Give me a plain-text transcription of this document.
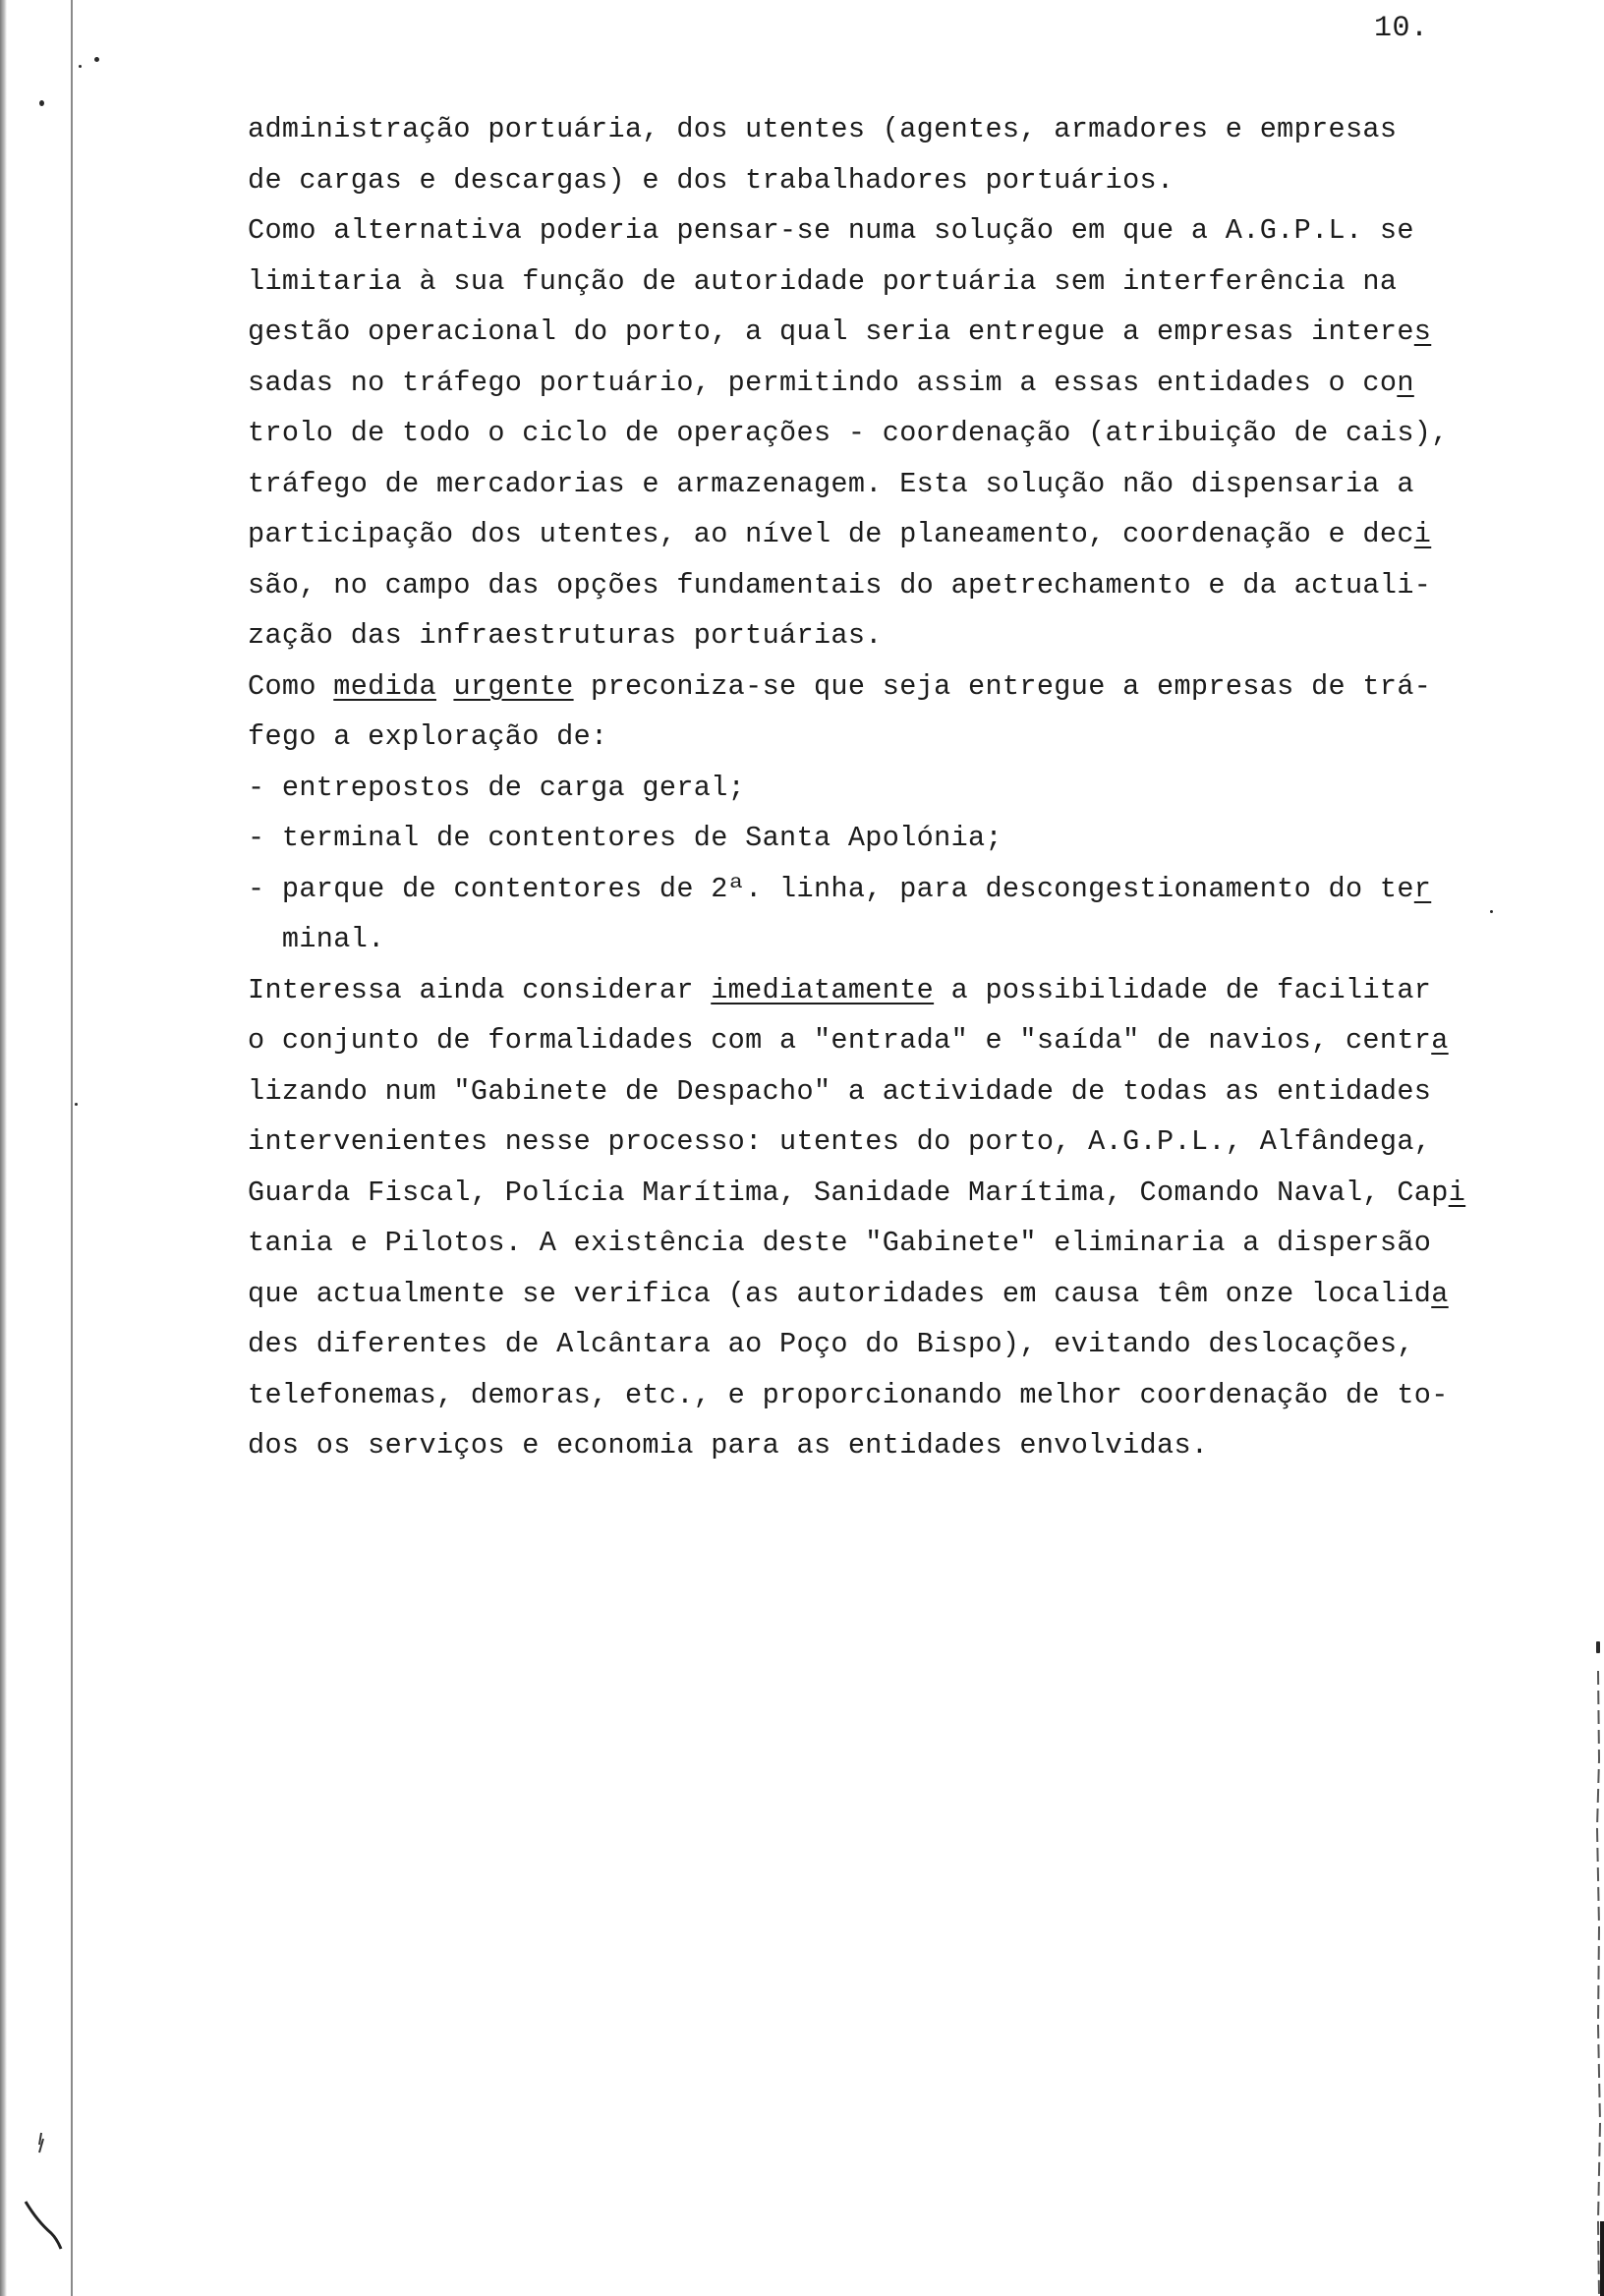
10.
administração portuária, dos utentes (agentes, armadores e empresas
de cargas e descargas) e dos trabalhadores portuários.
Como alternativa poderia pensar-se numa solução em que a A.G.P.L. se
limitaria à sua função de autoridade portuária sem interferência na
gestão operacional do porto, a qual seria entregue a empresas interes
sadas no tráfego portuário, permitindo assim a essas entidades o con
trolo de todo o ciclo de operações - coordenação (atribuição de cais),
tráfego de mercadorias e armazenagem. Esta solução não dispensaria a
participação dos utentes, ao nível de planeamento, coordenação e deci
são, no campo das opções fundamentais do apetrechamento e da actuali-
zação das infraestruturas portuárias.
Como medida urgente preconiza-se que seja entregue a empresas de trá-
fego a exploração de:
- entrepostos de carga geral;
- terminal de contentores de Santa Apolónia;
- parque de contentores de 2ª. linha, para descongestionamento do ter
minal.
Interessa ainda considerar imediatamente a possibilidade de facilitar
o conjunto de formalidades com a "entrada" e "saída" de navios, centra
lizando num "Gabinete de Despacho" a actividade de todas as entidades
intervenientes nesse processo: utentes do porto, A.G.P.L., Alfândega,
Guarda Fiscal, Polícia Marítima, Sanidade Marítima, Comando Naval, Capi
tania e Pilotos. A existência deste "Gabinete" eliminaria a dispersão
que actualmente se verifica (as autoridades em causa têm onze localida
des diferentes de Alcântara ao Poço do Bispo), evitando deslocações,
telefonemas, demoras, etc., e proporcionando melhor coordenação de to-
dos os serviços e economia para as entidades envolvidas.
